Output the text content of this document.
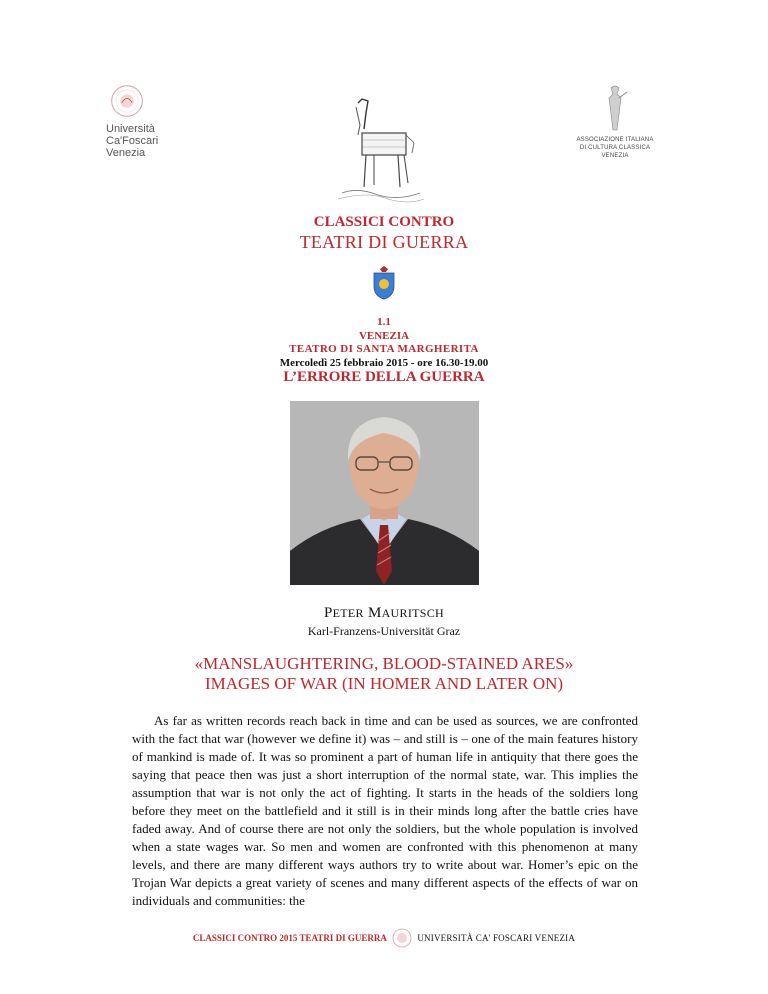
Università
Ca'Foscari
Venezia
ASSOCIAZIONE ITALIANA
DI CULTURA CLASSICA
VENEZIA
CLASSICI CONTRO
TEATRI DI GUERRA
1.1
VENEZIA
TEATRO DI SANTA MARGHERITA
Mercoledì 25 febbraio 2015 - ore 16.30-19.00
L’ERRORE DELLA GUERRA
PETER MAURITSCH
Karl-Franzens-Universität Graz
«MANSLAUGHTERING, BLOOD-STAINED ARES»
IMAGES OF WAR (IN HOMER AND LATER ON)

As far as written records reach back in time and can be used as sources, we are confronted with the fact that war (however we define it) was – and still is – one of the main features history of mankind is made of. It was so prominent a part of human life in antiquity that there goes the saying that peace then was just a short interruption of the normal state, war. This implies the assumption that war is not only the act of fighting. It starts in the heads of the soldiers long before they meet on the battlefield and it still is in their minds long after the battle cries have faded away. And of course there are not only the soldiers, but the whole population is involved when a state wages war. So men and women are confronted with this phenomenon at many levels, and there are many different ways authors try to write about war. Homer’s epic on the Trojan War depicts a great variety of scenes and many different aspects of the effects of war on individuals and communities: the

CLASSICI CONTRO 2015 TEATRI DI GUERRA	UNIVERSITÀ CA' FOSCARI VENEZIA
